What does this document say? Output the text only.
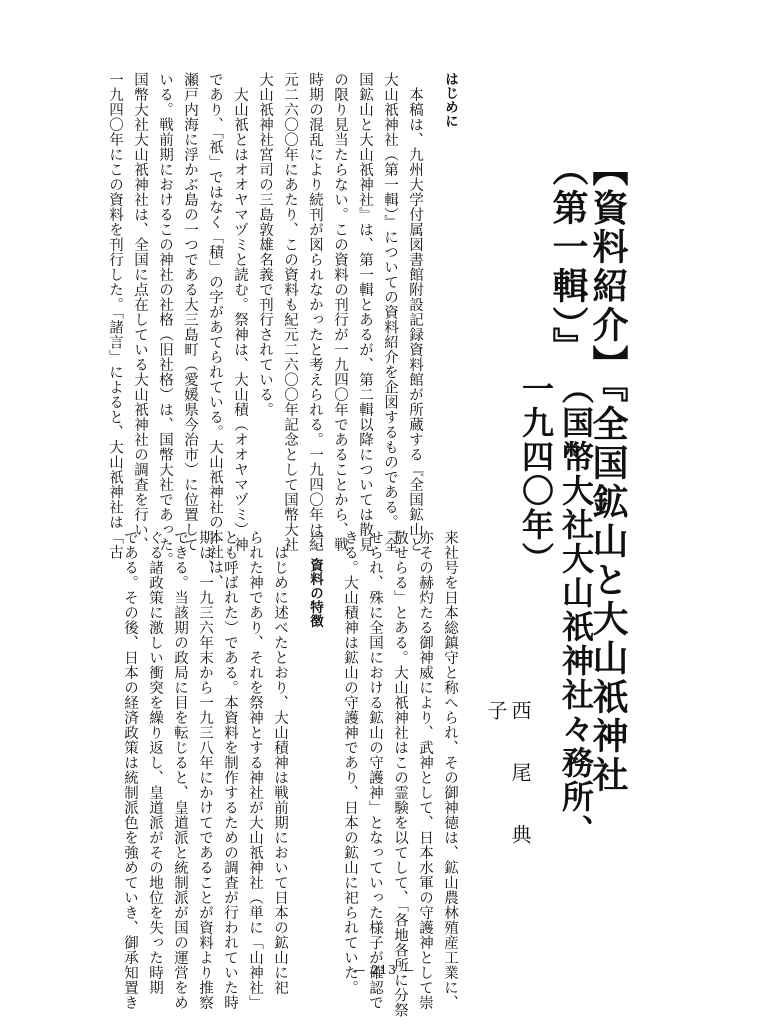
【資料紹介】『全国鉱山と大山祇神社（第一輯）』
（国幣大社大山祇神社々務所、一九四〇年）
西尾典子
はじめに
　本稿は、九州大学付属図書館附設記録資料館が所蔵する『全国鉱山と
大山祇神社（第一輯）』についての資料紹介を企図するものである。『全
国鉱山と大山祇神社』は、第一輯とあるが、第二輯以降については散見
の限り見当たらない。この資料の刊行が一九四〇年であることから、戦
時期の混乱により続刊が図られなかったと考えられる。一九四〇年は紀
元二六〇〇年にあたり、この資料も紀元二六〇〇年記念として国幣大社
大山祇神社宮司の三島敦雄名義で刊行されている。
　大山祇とはオオヤマヅミと読む。祭神は、大山積（オオヤマヅミ）神
であり、「祇」ではなく「積」の字があてられている。大山祇神社の本社は、
瀬戸内海に浮かぶ島の一つである大三島町（愛媛県今治市）に位置して
いる。戦前期におけるこの神社の社格（旧社格）は、国幣大社であった。
国幣大社大山祇神社は、全国に点在している大山祇神社の調査を行い、
一九四〇年にこの資料を刊行した。「諸言」によると、大山祇神社は「古
来社号を日本総鎮守と称へられ、その御神徳は、鉱山農林殖産工業に、
亦その赫灼たる御神威により、武神として、日本水軍の守護神として崇
敬せらる」とある。大山祇神社はこの霊験を以てして、「各地各所に分祭
せられ、殊に全国における鉱山の守護神」となっていった様子が確認で
きる。大山積神は鉱山の守護神であり、日本の鉱山に祀られていた。
一．資料の特徴
　はじめに述べたとおり、大山積神は戦前期において日本の鉱山に祀
られた神であり、それを祭神とする神社が大山祇神社（単に「山神社」
とも呼ばれた）である。本資料を制作するための調査が行われていた時
期は、一九三六年末から一九三八年にかけてであることが資料より推察
できる。当該期の政局に目を転じると、皇道派と統制派が国の運営をめ
ぐる諸政策に激しい衝突を繰り返し、皇道派がその地位を失った時期
である。その後、日本の経済政策は統制派色を強めていき、御承知置き	— 213 —
